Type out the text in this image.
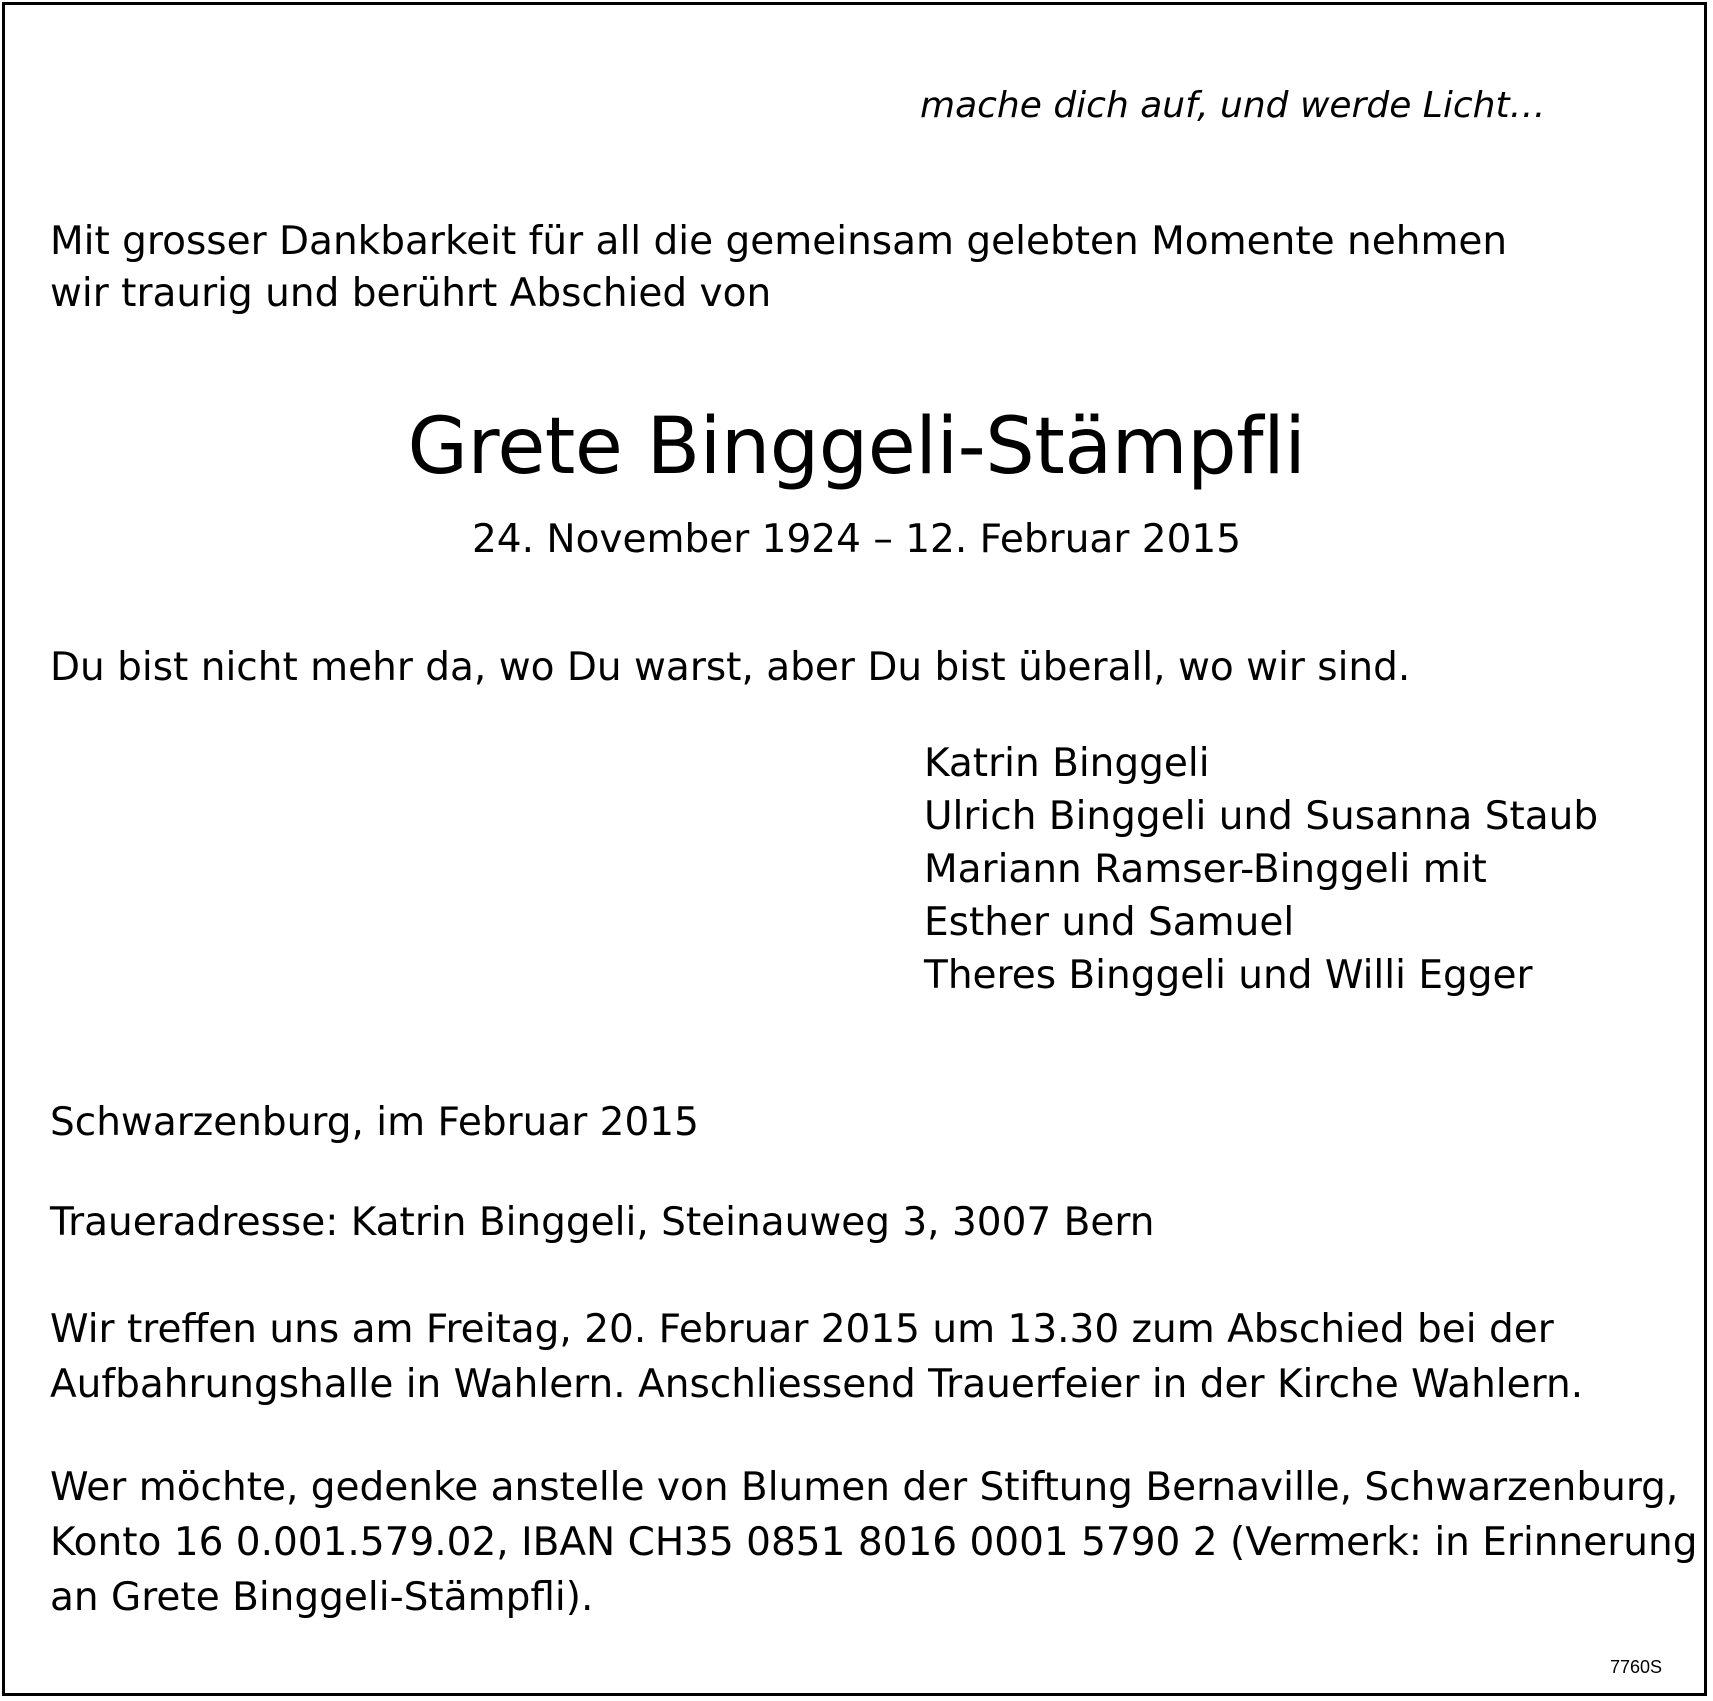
mache dich auf, und werde Licht…

Mit grosser Dankbarkeit für all die gemeinsam gelebten Momente nehmen
wir traurig und berührt Abschied von

Grete Binggeli-Stämpfli

24. November 1924 – 12. Februar 2015

Du bist nicht mehr da, wo Du warst, aber Du bist überall, wo wir sind.

Katrin Binggeli
Ulrich Binggeli und Susanna Staub
Mariann Ramser-Binggeli mit
Esther und Samuel
Theres Binggeli und Willi Egger

Schwarzenburg, im Februar 2015

Traueradresse: Katrin Binggeli, Steinauweg 3, 3007 Bern

Wir treffen uns am Freitag, 20. Februar 2015 um 13.30 zum Abschied bei der
Aufbahrungshalle in Wahlern. Anschliessend Trauerfeier in der Kirche Wahlern.

Wer möchte, gedenke anstelle von Blumen der Stiftung Bernaville, Schwarzenburg,
Konto 16 0.001.579.02, IBAN CH35 0851 8016 0001 5790 2 (Vermerk: in Erinnerung
an Grete Binggeli-Stämpfli).

7760S
